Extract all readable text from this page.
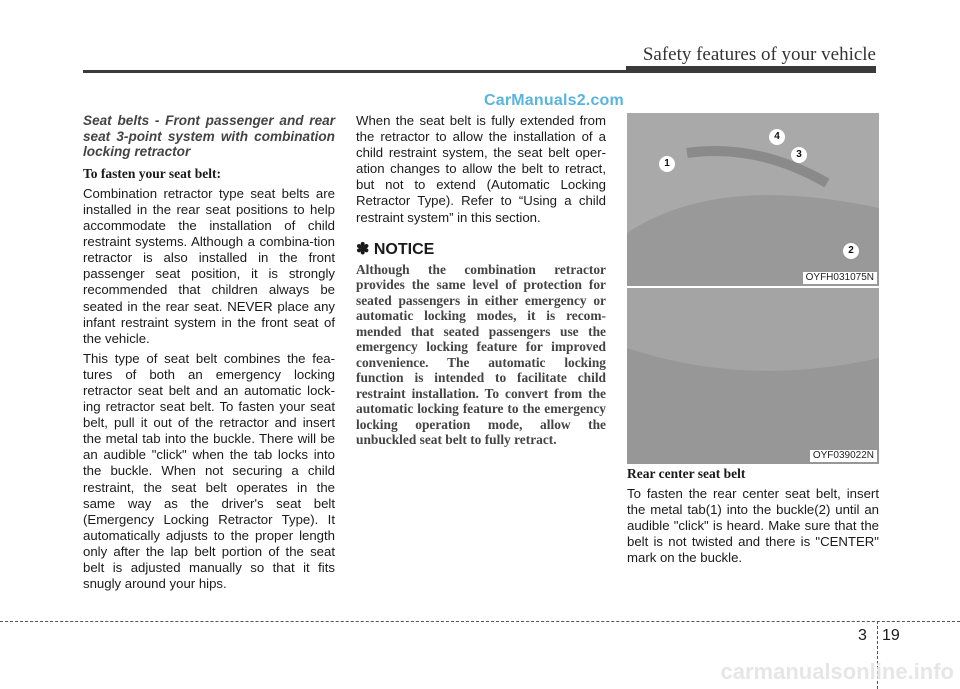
Safety features of your vehicle
CarManuals2.com
Seat belts - Front passenger and rear seat 3-point system with combination locking retractor
To fasten your seat belt:

Combination retractor type seat belts are installed in the rear seat positions to help accommodate the installation of child restraint systems. Although a combina-tion retractor is also installed in the front passenger seat position, it is strongly recommended that children always be seated in the rear seat. NEVER place any infant restraint system in the front seat of the vehicle.

This type of seat belt combines the fea-tures of both an emergency locking retractor seat belt and an automatic lock-ing retractor seat belt. To fasten your seat belt, pull it out of the retractor and insert the metal tab into the buckle. There will be an audible "click" when the tab locks into the buckle. When not securing a child restraint, the seat belt operates in the same way as the driver's seat belt (Emergency Locking Retractor Type). It automatically adjusts to the proper length only after the lap belt portion of the seat belt is adjusted manually so that it fits snugly around your hips.

When the seat belt is fully extended from the retractor to allow the installation of a child restraint system, the seat belt oper-ation changes to allow the belt to retract, but not to extend (Automatic Locking Retractor Type). Refer to “Using a child restraint system” in this section.

✽ NOTICE
Although the combination retractor provides the same level of protection for seated passengers in either emergency or automatic locking modes, it is recom-mended that seated passengers use the emergency locking feature for improved convenience. The automatic locking function is intended to facilitate child restraint installation. To convert from the automatic locking feature to the emergency locking operation mode, allow the unbuckled seat belt to fully retract.
1
4
3
2
OYFH031075N
OYF039022N
Rear center seat belt

To fasten the rear center seat belt, insert the metal tab(1) into the buckle(2) until an audible "click" is heard. Make sure that the belt is not twisted and there is "CENTER" mark on the buckle.

3 19
carmanualsonline.info
